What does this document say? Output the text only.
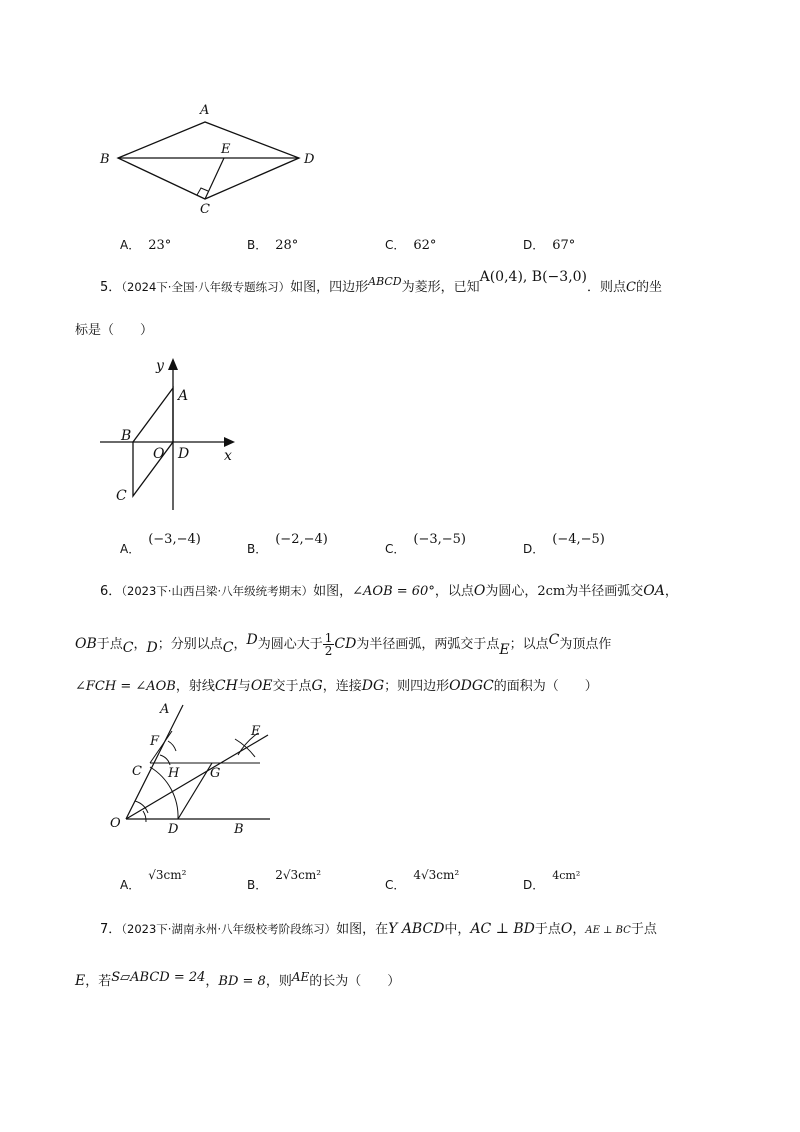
A
B
C
D
E
A． 23°	B． 28°	C． 62°	D． 67°
5．（2024下·全国·八年级专题练习）如图，四边形$^{ABCD}$为菱形，已知A(0,4), B(−3,0)．则点C的坐
标是（　　）
y
x
A
B
O D
C
A．(−3,−4)
B．(−2,−4)
C．(−3,−5)
D．(−4,−5)
6．（2023下·山西吕梁·八年级统考期末）如图，∠AOB = 60°，以点O为圆心，2cm为半径画弧交OA，
OB于点C，D；分别以点C，D为圆心大于 $\frac{1}{2}$ CD为半径画弧，两弧交于点E；以点C为顶点作
∠FCH = ∠AOB，射线CH与OE交于点G，连接DG；则四边形ODGC的面积为（　　）
A
E
F
C H G
O	D	B
A．√3cm²
B．2√3cm²
C．4√3cm²
D．4cm²
7．（2023下·湖南永州·八年级校考阶段练习）如图，在Y ABCD中，AC ⊥ BD于点O，AE ⊥ BC于点
E，若S▱ABCD = 24，BD = 8，则AE的长为（　　）
